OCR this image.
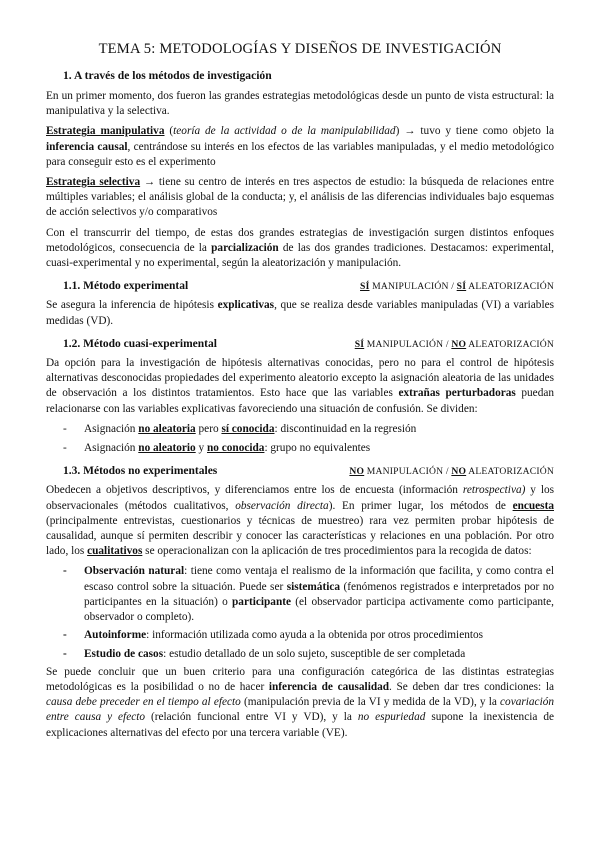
TEMA 5: METODOLOGÍAS Y DISEÑOS DE INVESTIGACIÓN
1. A través de los métodos de investigación

En un primer momento, dos fueron las grandes estrategias metodológicas desde un punto de vista estructural: la manipulativa y la selectiva.

Estrategia manipulativa (teoría de la actividad o de la manipulabilidad) → tuvo y tiene como objeto la inferencia causal, centrándose su interés en los efectos de las variables manipuladas, y el medio metodológico para conseguir esto es el experimento

Estrategia selectiva → tiene su centro de interés en tres aspectos de estudio: la búsqueda de relaciones entre múltiples variables; el análisis global de la conducta; y, el análisis de las diferencias individuales bajo esquemas de acción selectivos y/o comparativos

Con el transcurrir del tiempo, de estas dos grandes estrategias de investigación surgen distintos enfoques metodológicos, consecuencia de la parcialización de las dos grandes tradiciones. Destacamos: experimental, cuasi-experimental y no experimental, según la aleatorización y manipulación.

1.1. Método experimental	SÍ MANIPULACIÓN / SÍ ALEATORIZACIÓN

Se asegura la inferencia de hipótesis explicativas, que se realiza desde variables manipuladas (VI) a variables medidas (VD).

1.2. Método cuasi-experimental	SÍ MANIPULACIÓN / NO ALEATORIZACIÓN

Da opción para la investigación de hipótesis alternativas conocidas, pero no para el control de hipótesis alternativas desconocidas propiedades del experimento aleatorio excepto la asignación aleatoria de las unidades de observación a los distintos tratamientos. Esto hace que las variables extrañas perturbadoras puedan relacionarse con las variables explicativas favoreciendo una situación de confusión. Se dividen:

- Asignación no aleatoria pero sí conocida: discontinuidad en la regresión
- Asignación no aleatorio y no conocida: grupo no equivalentes
1.3. Métodos no experimentales	NO MANIPULACIÓN / NO ALEATORIZACIÓN

Obedecen a objetivos descriptivos, y diferenciamos entre los de encuesta (información retrospectiva) y los observacionales (métodos cualitativos, observación directa). En primer lugar, los métodos de encuesta (principalmente entrevistas, cuestionarios y técnicas de muestreo) rara vez permiten probar hipótesis de causalidad, aunque sí permiten describir y conocer las características y relaciones en una población. Por otro lado, los cualitativos se operacionalizan con la aplicación de tres procedimientos para la recogida de datos:

- Observación natural: tiene como ventaja el realismo de la información que facilita, y como contra el escaso control sobre la situación. Puede ser sistemática (fenómenos registrados e interpretados por no participantes en la situación) o participante (el observador participa activamente como participante, observador o completo).
- Autoinforme: información utilizada como ayuda a la obtenida por otros procedimientos
- Estudio de casos: estudio detallado de un solo sujeto, susceptible de ser completada

Se puede concluir que un buen criterio para una configuración categórica de las distintas estrategias metodológicas es la posibilidad o no de hacer inferencia de causalidad. Se deben dar tres condiciones: la causa debe preceder en el tiempo al efecto (manipulación previa de la VI y medida de la VD), y la covariación entre causa y efecto (relación funcional entre VI y VD), y la no espuriedad supone la inexistencia de explicaciones alternativas del efecto por una tercera variable (VE).
